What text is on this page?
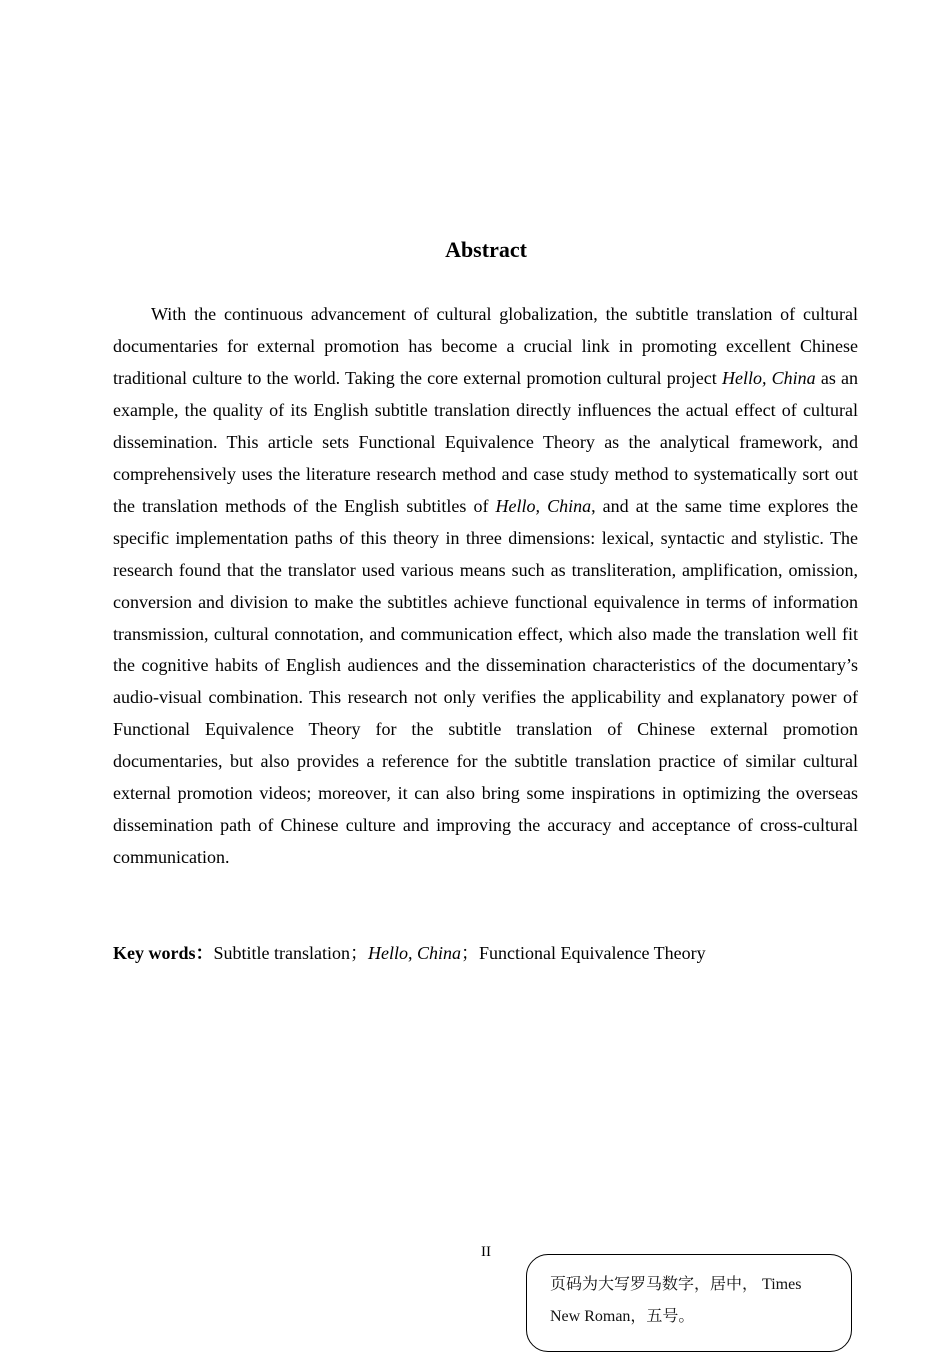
Abstract

With the continuous advancement of cultural globalization, the subtitle translation of cultural documentaries for external promotion has become a crucial link in promoting excellent Chinese traditional culture to the world. Taking the core external promotion cultural project Hello, China as an example, the quality of its English subtitle translation directly influences the actual effect of cultural dissemination. This article sets Functional Equivalence Theory as the analytical framework, and comprehensively uses the literature research method and case study method to systematically sort out the translation methods of the English subtitles of Hello, China, and at the same time explores the specific implementation paths of this theory in three dimensions: lexical, syntactic and stylistic. The research found that the translator used various means such as transliteration, amplification, omission, conversion and division to make the subtitles achieve functional equivalence in terms of information transmission, cultural connotation, and communication effect, which also made the translation well fit the cognitive habits of English audiences and the dissemination characteristics of the documentary’s audio-visual combination. This research not only verifies the applicability and explanatory power of Functional Equivalence Theory for the subtitle translation of Chinese external promotion documentaries, but also provides a reference for the subtitle translation practice of similar cultural external promotion videos; moreover, it can also bring some inspirations in optimizing the overseas dissemination path of Chinese culture and improving the accuracy and acceptance of cross-cultural communication.

Key words：Subtitle translation；Hello, China；Functional Equivalence Theory
II
页码为大写罗马数字，居中， Times
New Roman，五号。
